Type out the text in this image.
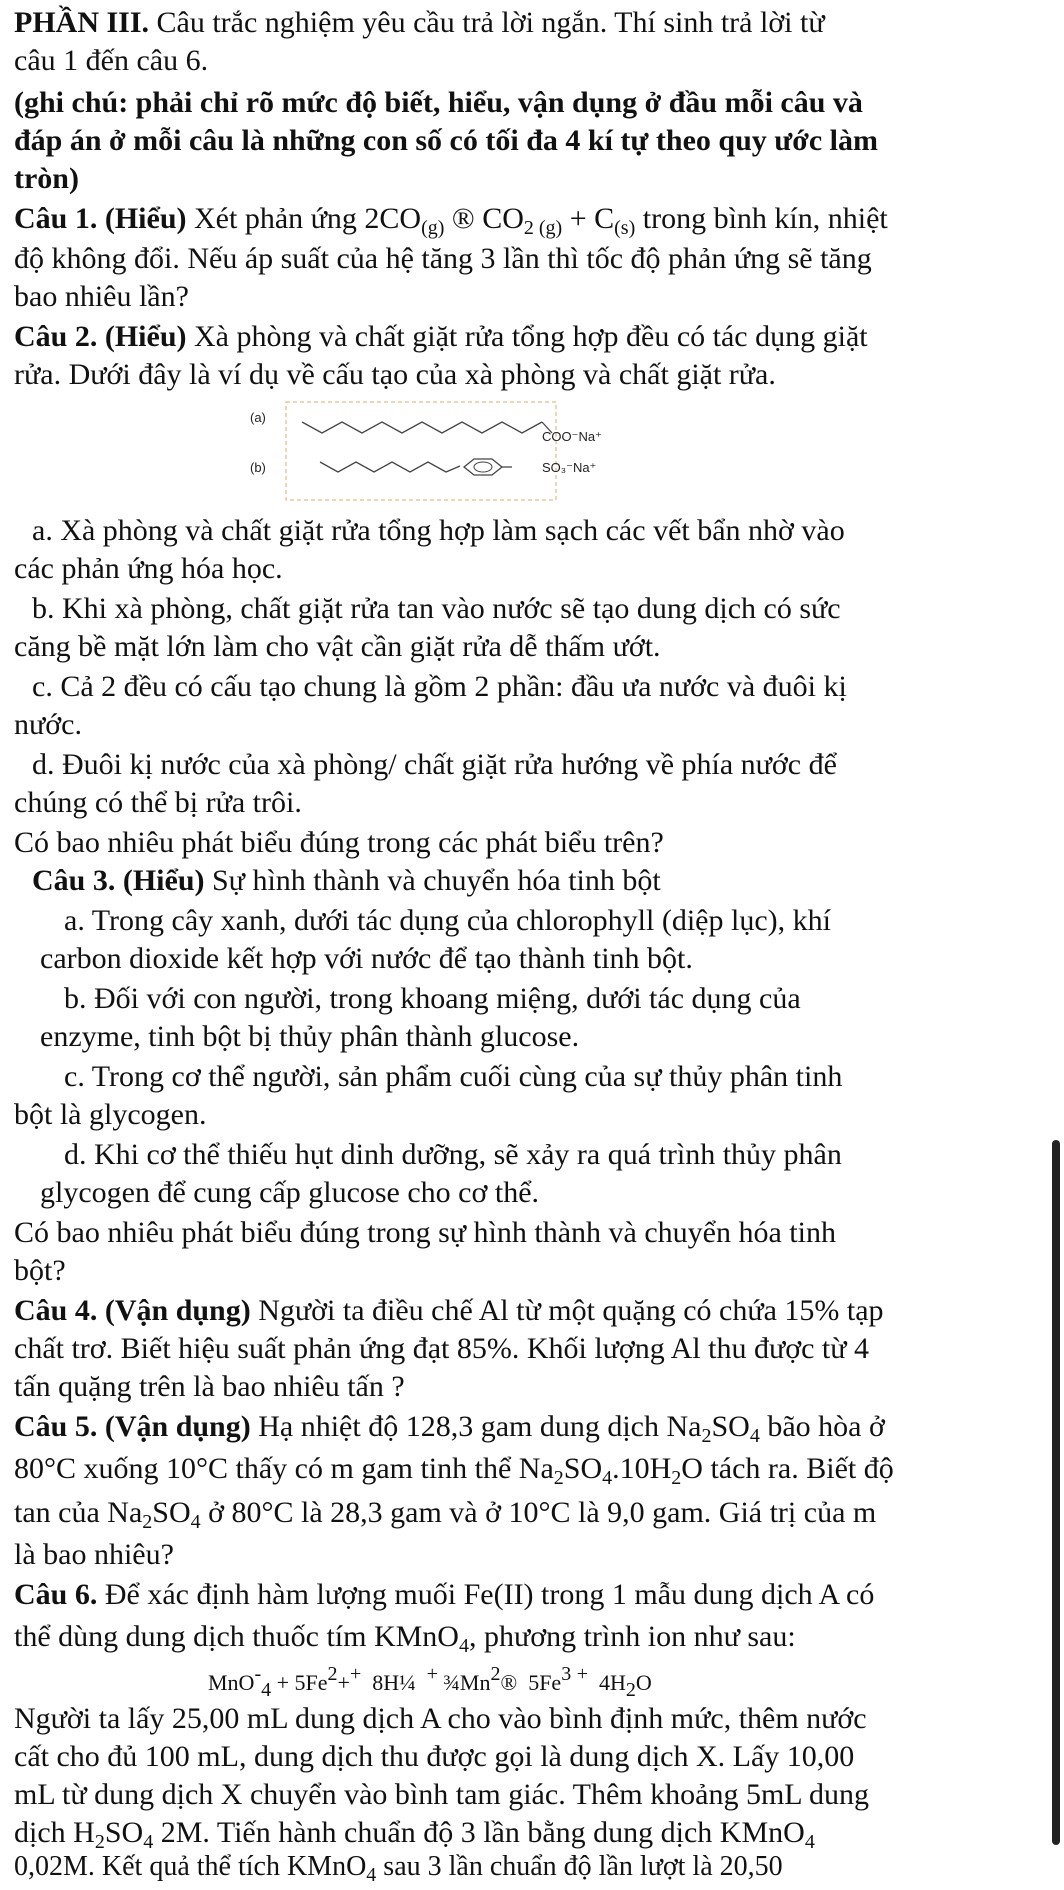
PHẦN III. Câu trắc nghiệm yêu cầu trả lời ngắn. Thí sinh trả lời từ
câu 1 đến câu 6.
(ghi chú: phải chỉ rõ mức độ biết, hiểu, vận dụng ở đầu mỗi câu và
đáp án ở mỗi câu là những con số có tối đa 4 kí tự theo quy ước làm
tròn)
Câu 1. (Hiểu) Xét phản ứng $2CO_{(g)}$ ® $CO_{2 (g)} + C_{(s)}$ trong bình kín, nhiệt
độ không đổi. Nếu áp suất của hệ tăng 3 lần thì tốc độ phản ứng sẽ tăng
bao nhiêu lần?
Câu 2. (Hiểu) Xà phòng và chất giặt rửa tổng hợp đều có tác dụng giặt
rửa. Dưới đây là ví dụ về cấu tạo của xà phòng và chất giặt rửa.
(a)
COO⁻Na⁺
(b)	SO₃⁻Na⁺
a. Xà phòng và chất giặt rửa tổng hợp làm sạch các vết bẩn nhờ vào
các phản ứng hóa học.
b. Khi xà phòng, chất giặt rửa tan vào nước sẽ tạo dung dịch có sức
căng bề mặt lớn làm cho vật cần giặt rửa dễ thấm ướt.
c. Cả 2 đều có cấu tạo chung là gồm 2 phần: đầu ưa nước và đuôi kị
nước.
d. Đuôi kị nước của xà phòng/ chất giặt rửa hướng về phía nước để
chúng có thể bị rửa trôi.
Có bao nhiêu phát biểu đúng trong các phát biểu trên?
Câu 3. (Hiểu) Sự hình thành và chuyển hóa tinh bột
a. Trong cây xanh, dưới tác dụng của chlorophyll (diệp lục), khí
carbon dioxide kết hợp với nước để tạo thành tinh bột.
b. Đối với con người, trong khoang miệng, dưới tác dụng của
enzyme, tinh bột bị thủy phân thành glucose.
c. Trong cơ thể người, sản phẩm cuối cùng của sự thủy phân tinh
bột là glycogen.
d. Khi cơ thể thiếu hụt dinh dưỡng, sẽ xảy ra quá trình thủy phân
glycogen để cung cấp glucose cho cơ thể.
Có bao nhiêu phát biểu đúng trong sự hình thành và chuyển hóa tinh
bột?
Câu 4. (Vận dụng) Người ta điều chế Al từ một quặng có chứa 15% tạp
chất trơ. Biết hiệu suất phản ứng đạt 85%. Khối lượng Al thu được từ 4
tấn quặng trên là bao nhiêu tấn ?
Câu 5. (Vận dụng) Hạ nhiệt độ 128,3 gam dung dịch $Na_2SO_4$ bão hòa ở
80°C xuống 10°C thấy có m gam tinh thể $Na_2SO_4.10H_2O$ tách ra. Biết độ
tan của $Na_2SO_4$ ở 80°C là 28,3 gam và ở 10°C là 9,0 gam. Giá trị của m
là bao nhiêu?
Câu 6. Để xác định hàm lượng muối Fe(II) trong 1 mẫu dung dịch A có
thể dùng dung dịch thuốc tím KMnO$_4$, phương trình ion như sau:
$MnO^-_4 + 5Fe^2+^+$  8H¼  + ¾Mn$^2$®  5Fe$^3$ +  $4H_2O$
Người ta lấy 25,00 mL dung dịch A cho vào bình định mức, thêm nước
cất cho đủ 100 mL, dung dịch thu được gọi là dung dịch X. Lấy 10,00
mL từ dung dịch X chuyển vào bình tam giác. Thêm khoảng 5mL dung
dịch $H_2SO_4$ 2M. Tiến hành chuẩn độ 3 lần bằng dung dịch KMnO$_4$
0,02M. Kết quả thể tích KMnO$_4$ sau 3 lần chuẩn độ lần lượt là 20,50
